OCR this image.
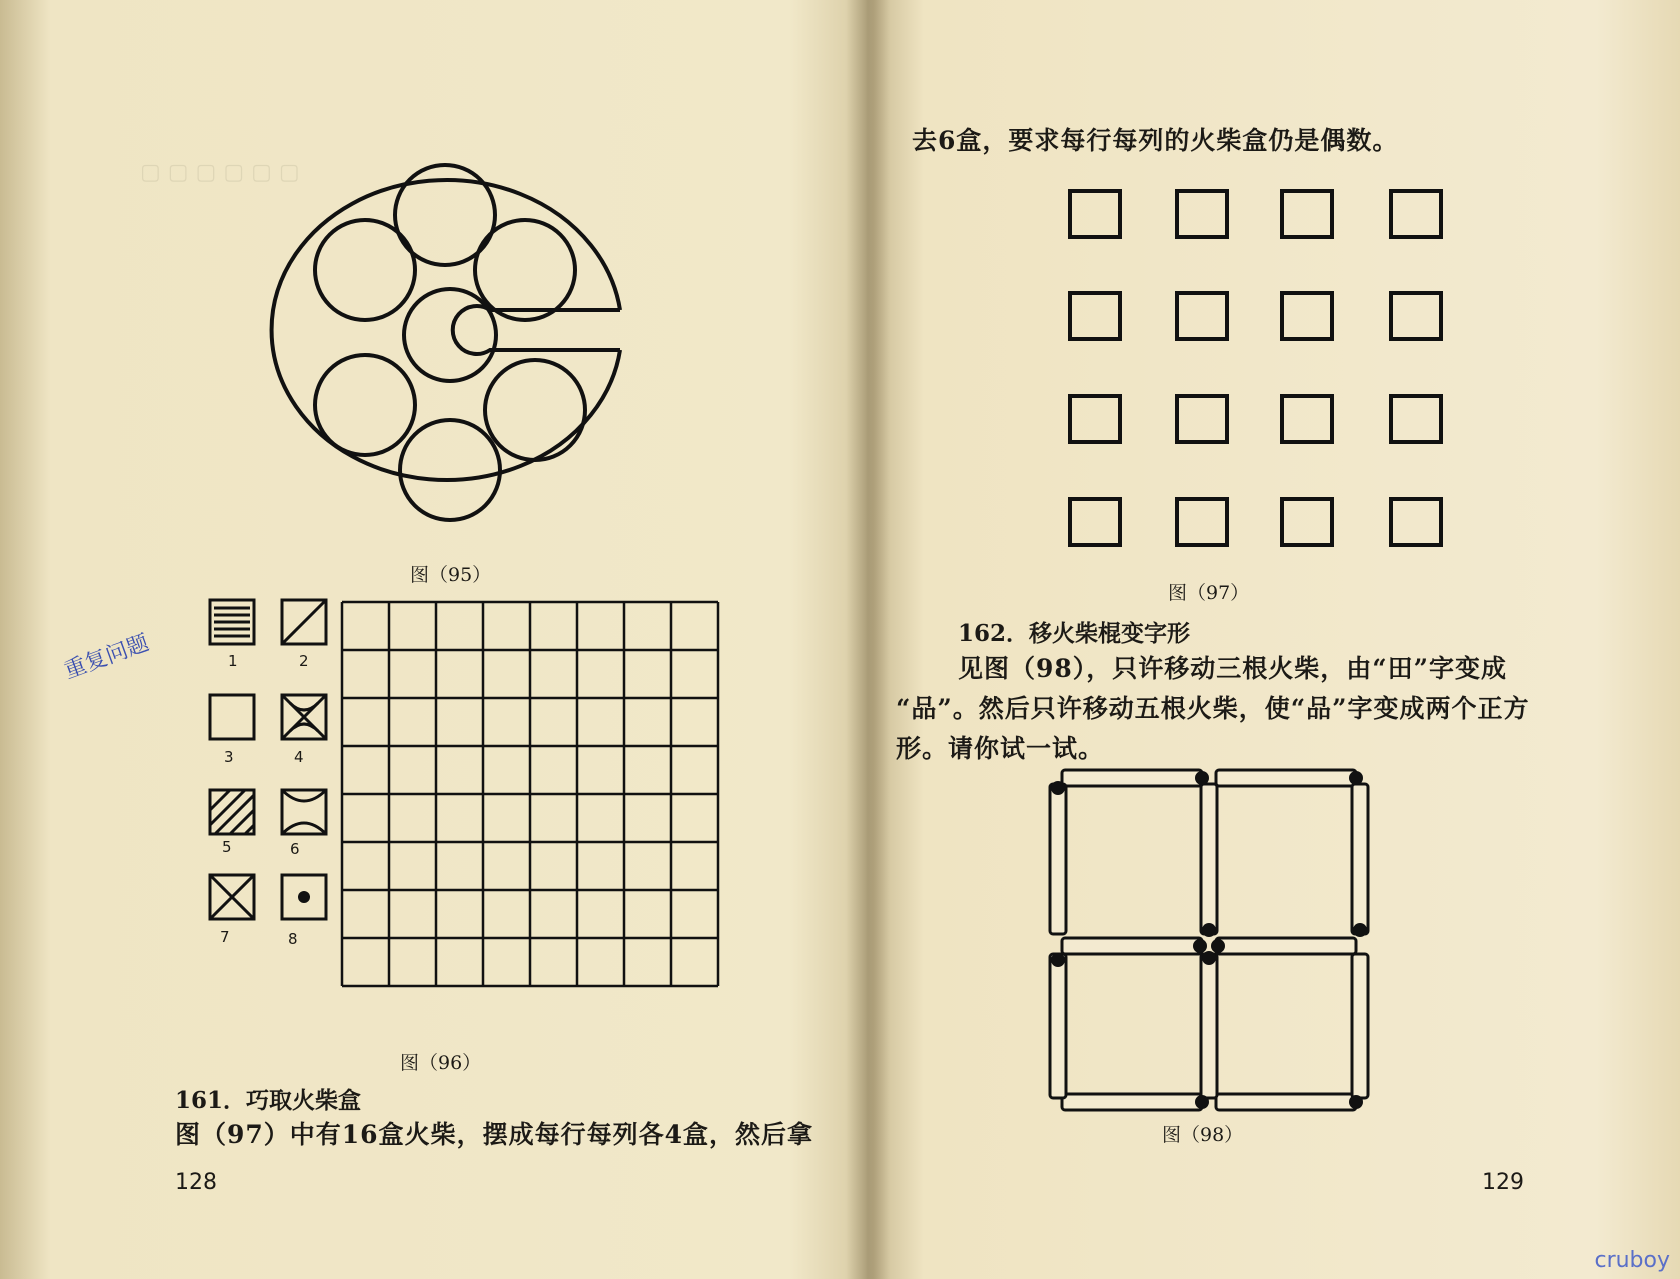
▢ ▢ ▢ ▢ ▢ ▢
图（95）
1	2
3	4
5	6
7	8
图（96）
161．巧取火柴盒
图（97）中有16盒火柴，摆成每行每列各4盒，然后拿
128
重复问题
去6盒，要求每行每列的火柴盒仍是偶数。
图（97）
162．移火柴棍变字形
见图（98），只许移动三根火柴，由“田”字变成
“品”。然后只许移动五根火柴，使“品”字变成两个正方
形。请你试一试。
图（98）
129
cruboy
